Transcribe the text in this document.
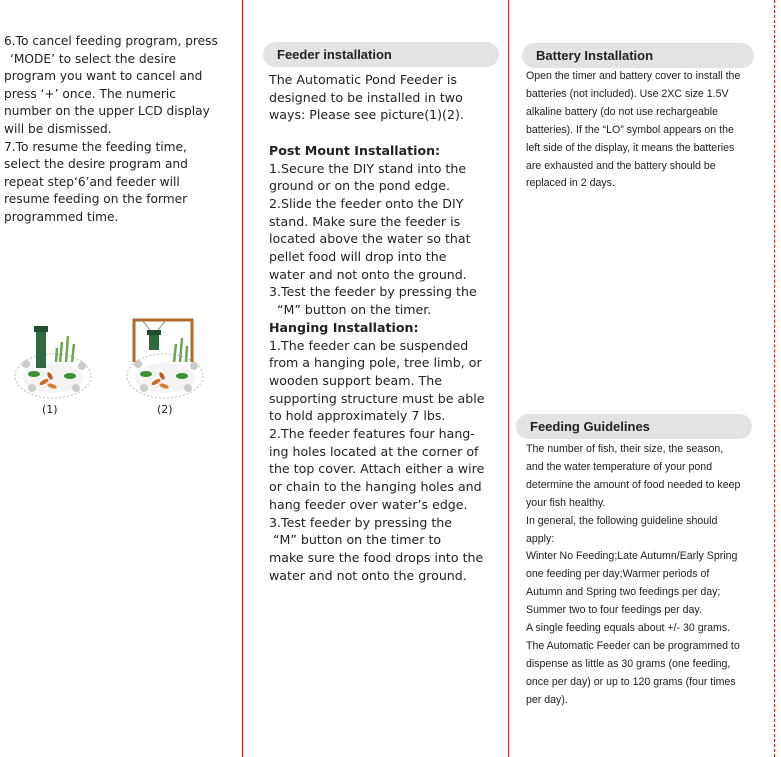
6.To cancel feeding program, press
‘MODE’ to select the desire
program you want to cancel and
press ‘+’ once. The numeric
number on the upper LCD display
will be dismissed.
7.To resume the feeding time,
select the desire program and
repeat step‘6’and feeder will
resume feeding on the former
programmed time.
(1)	(2)
Feeder installation
The Automatic Pond Feeder is
designed to be installed in two
ways: Please see picture(1)(2).
Post Mount Installation:
1.Secure the DIY stand into the
ground or on the pond edge.
2.Slide the feeder onto the DIY
stand. Make sure the feeder is
located above the water so that
pellet food will drop into the
water and not onto the ground.
3.Test the feeder by pressing the
“M” button on the timer.
Hanging Installation:
1.The feeder can be suspended
from a hanging pole, tree limb, or
wooden support beam. The
supporting structure must be able
to hold approximately 7 lbs.
2.The feeder features four hang-
ing holes located at the corner of
the top cover. Attach either a wire
or chain to the hanging holes and
hang feeder over water’s edge.
3.Test feeder by pressing the
“M” button on the timer to
make sure the food drops into the
water and not onto the ground.
Battery Installation
Open the timer and battery cover to install the
batteries (not included). Use 2XC size 1.5V
alkaline battery (do not use rechargeable
batteries). If the “LO” symbol appears on the
left side of the display, it means the batteries
are exhausted and the battery should be
replaced in 2 days.
Feeding Guidelines
The number of fish, their size, the season,
and the water temperature of your pond
determine the amount of food needed to keep
your fish healthy.
In general, the following guideline should
apply:
Winter No Feeding;Late Autumn/Early Spring
one feeding per day;Warmer periods of
Autumn and Spring two feedings per day;
Summer two to four feedings per day.
A single feeding equals about +/- 30 grams.
The Automatic Feeder can be programmed to
dispense as little as 30 grams (one feeding,
once per day) or up to 120 grams (four times
per day).
